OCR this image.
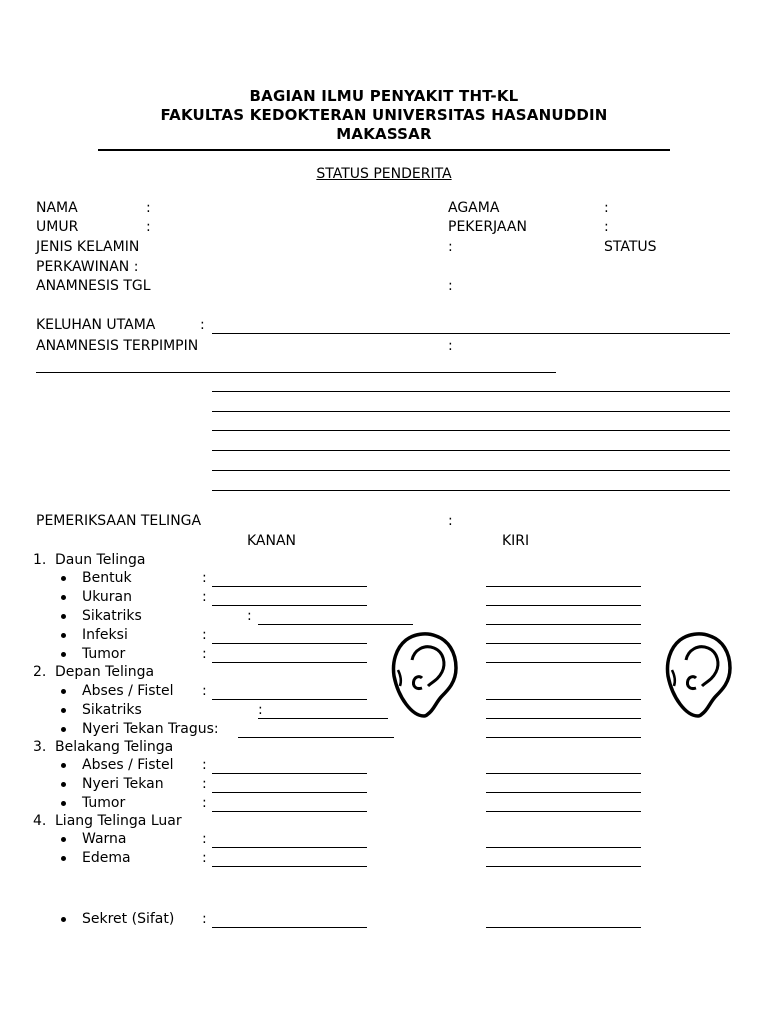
BAGIAN ILMU PENYAKIT THT-KL
FAKULTAS KEDOKTERAN UNIVERSITAS HASANUDDIN
MAKASSAR
STATUS PENDERITA
NAMA	:	AGAMA	:
UMUR	:	PEKERJAAN	:
JENIS KELAMIN	:	STATUS
PERKAWINAN :
ANAMNESIS TGL	:
KELUHAN UTAMA	:
ANAMNESIS TERPIMPIN	:
PEMERIKSAAN TELINGA	:
KANAN	KIRI
1. Daun Telinga
Bentuk	:
Ukuran	:
Sikatriks	:
Infeksi	:
Tumor	:
2. Depan Telinga
Abses / Fistel :
Sikatriks	:
Nyeri Tekan Tragus:
3. Belakang Telinga
Abses / Fistel :
Nyeri Tekan	:
Tumor	:
4. Liang Telinga Luar
Warna	:
Edema	:
Sekret (Sifat) :
